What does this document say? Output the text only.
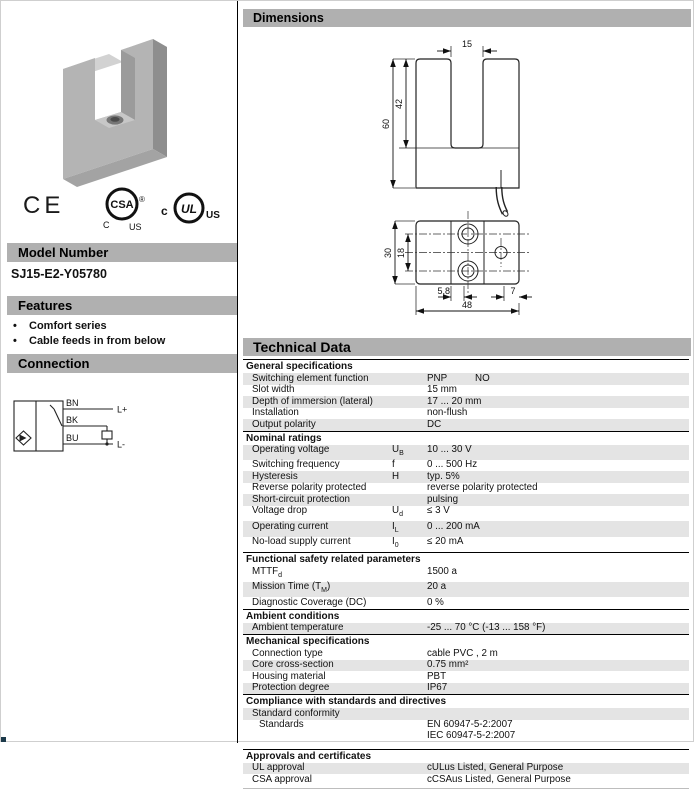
CE	CSA ®
C US
c UL US
Model Number
SJ15-E2-Y05780
Features
• Comfort series
• Cable feeds in from below
Connection
BN
BK
BU
L+
L-
Dimensions
15
60
42
30 18
5,8	7
48
Technical Data
General specifications
Switching element function	PNP	NO
Slot width	15 mm
Depth of immersion (lateral)	17 ... 20 mm
Installation	non-flush
Output polarity	DC
Nominal ratings
Operating voltage	$U_B$	10 ... 30 V
Switching frequency	f	0 ... 500 Hz
Hysteresis	H	typ. 5%
Reverse polarity protected	reverse polarity protected
Short-circuit protection	pulsing
Voltage drop	$U_d$	≤ 3 V
Operating current	$I_L$	0 ... 200 mA
No-load supply current	$I_0$	≤ 20 mA
Functional safety related parameters
$MTTF_d$	1500 a
Mission Time $(T_M)$	20 a
Diagnostic Coverage (DC)	0 %
Ambient conditions
Ambient temperature	-25 ... 70 °C (-13 ... 158 °F)
Mechanical specifications
Connection type	cable PVC , 2 m
Core cross-section	0.75 mm²
Housing material	PBT
Protection degree	IP67
Compliance with standards and directives
Standard conformity
Standards	EN 60947-5-2:2007
IEC 60947-5-2:2007
Approvals and certificates
UL approval	cULus Listed, General Purpose
CSA approval	cCSAus Listed, General Purpose
